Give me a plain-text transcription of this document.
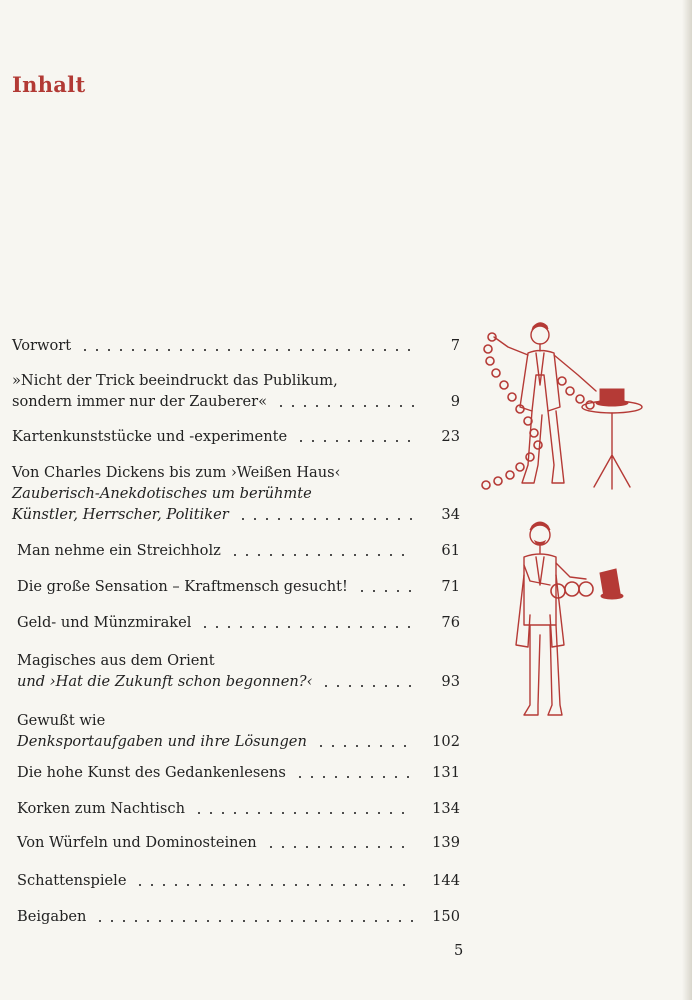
Inhalt
Vorwort	7
»Nicht der Trick beeindruckt das Publikum,
sondern immer nur der Zauberer«	9
Kartenkunststücke und -experimente	23
Von Charles Dickens bis zum ›Weißen Haus‹
Zauberisch-Anekdotisches um berühmte
Künstler, Herrscher, Politiker	34
Man nehme ein Streichholz	61
Die große Sensation – Kraftmensch gesucht!	71
Geld- und Münzmirakel	76
Magisches aus dem Orient
und ›Hat die Zukunft schon begonnen?‹	93
Gewußt wie
Denksportaufgaben und ihre Lösungen	102
Die hohe Kunst des Gedankenlesens	131
Korken zum Nachtisch	134
Von Würfeln und Dominosteinen	139
Schattenspiele	144
Beigaben	150
5
